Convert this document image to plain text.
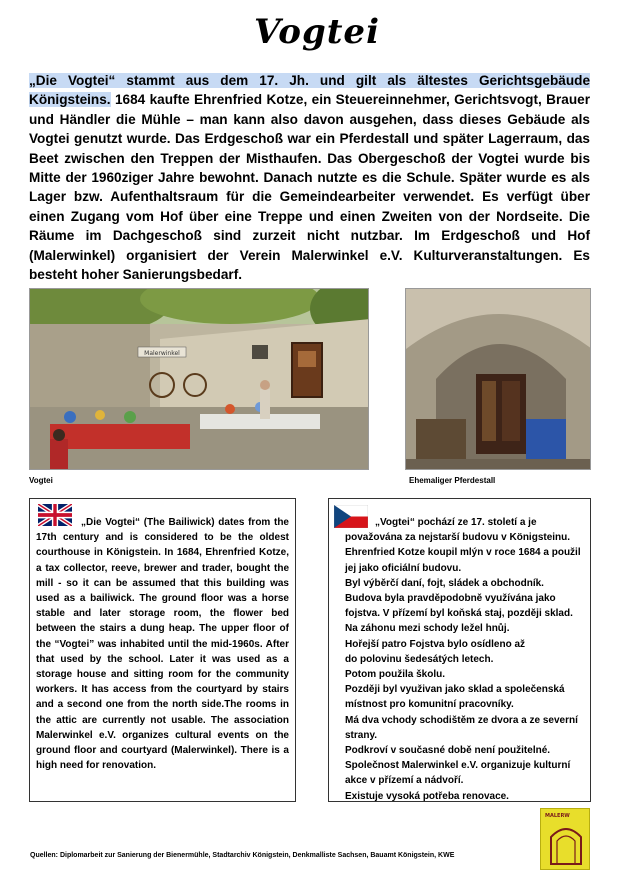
Vogtei
„Die Vogtei“ stammt aus dem 17. Jh. und gilt als ältestes Gerichtsgebäude Königsteins. 1684 kaufte Ehrenfried Kotze, ein Steuereinnehmer, Gerichtsvogt, Brauer und Händler die Mühle – man kann also davon ausgehen, dass dieses Gebäude als Vogtei genutzt wurde. Das Erdgeschoß war ein Pferdestall und später Lagerraum, das Beet zwischen den Treppen der Misthaufen. Das Obergeschoß der Vogtei wurde bis Mitte der 1960ziger Jahre bewohnt. Danach nutzte es die Schule. Später wurde es als Lager bzw. Aufenthaltsraum für die Gemeindearbeiter verwendet. Es verfügt über einen Zugang vom Hof über eine Treppe und einen Zweiten von der Nordseite. Die Räume im Dachgeschoß sind zurzeit nicht nutzbar. Im Erdgeschoß und Hof (Malerwinkel) organisiert der Verein Malerwinkel e.V. Kulturveranstaltungen. Es besteht hoher Sanierungsbedarf.
Malerwinkel
Vogtei	Ehemaliger Pferdestall
„Die Vogtei“ (The Bailiwick) dates from the 17th century and is considered to be the oldest courthouse in Königstein. In 1684, Ehrenfried Kotze, a tax collector, reeve, brewer and trader, bought the mill - so it can be assumed that this building was used as a bailiwick. The ground floor was a horse stable and later storage room, the flower bed between the stairs a dung heap. The upper floor of the “Vogtei” was inhabited until the mid-1960s. After that used by the school. Later it was used as a storage house and sitting room for the community workers. It has access from the courtyard by stairs and a second one from the north side.The rooms in the attic are currently not usable. The association Malerwinkel e.V. organizes cultural events on the ground floor and courtyard (Malerwinkel). There is a high need for renovation.
„Vogtei“ pochází ze 17. století a je považována za nejstarší budovu v Königsteinu.
Ehrenfried Kotze koupil mlýn v roce 1684 a použil jej jako oficiální budovu.
Byl výběrčí daní, fojt, sládek a obchodník.
Budova byla pravděpodobně využívána jako fojstva. V přízemí byl koňská staj, později sklad. Na záhonu mezi schody ležel hnůj.
Hořejší patro Fojstva bylo osídleno až
do polovinu šedesátých letech.
Potom použila školu.
Později byl využivan jako sklad a společenská místnost pro komunitní pracovníky.
Má dva vchody schodištěm ze dvora a ze severní strany.
Podkroví v současné době není použitelné.
Společnost Malerwinkel e.V. organizuje kulturní akce v přízemí a nádvoří.
Existuje vysoká potřeba renovace.
Quellen: Diplomarbeit zur Sanierung der Bienermühle, Stadtarchiv Königstein, Denkmalliste Sachsen, Bauamt Königstein, KWE
MALERW
